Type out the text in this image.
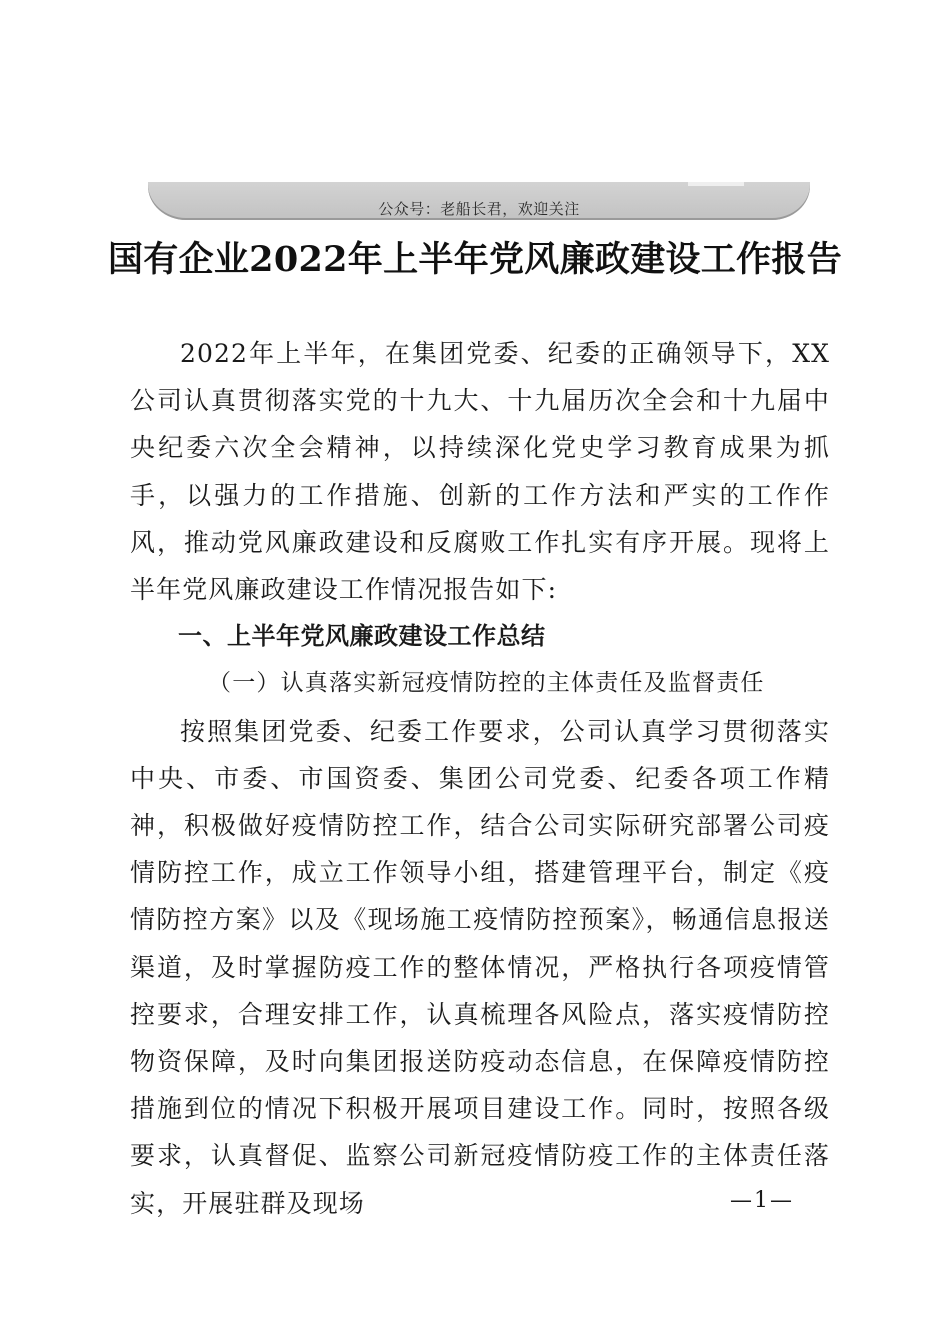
公众号：老船长君，欢迎关注
国有企业2022年上半年党风廉政建设工作报告

2022年上半年，在集团党委、纪委的正确领导下，XX公司认真贯彻落实党的十九大、十九届历次全会和十九届中央纪委六次全会精神，以持续深化党史学习教育成果为抓手，以强力的工作措施、创新的工作方法和严实的工作作风，推动党风廉政建设和反腐败工作扎实有序开展。现将上半年党风廉政建设工作情况报告如下:

一、上半年党风廉政建设工作总结
（一）认真落实新冠疫情防控的主体责任及监督责任

按照集团党委、纪委工作要求，公司认真学习贯彻落实中央、市委、市国资委、集团公司党委、纪委各项工作精神，积极做好疫情防控工作，结合公司实际研究部署公司疫情防控工作，成立工作领导小组，搭建管理平台，制定《疫情防控方案》以及《现场施工疫情防控预案》，畅通信息报送渠道，及时掌握防疫工作的整体情况，严格执行各项疫情管控要求，合理安排工作，认真梳理各风险点，落实疫情防控物资保障，及时向集团报送防疫动态信息，在保障疫情防控措施到位的情况下积极开展项目建设工作。同时，按照各级要求，认真督促、监察公司新冠疫情防疫工作的主体责任落实，开展驻群及现场	—1—
